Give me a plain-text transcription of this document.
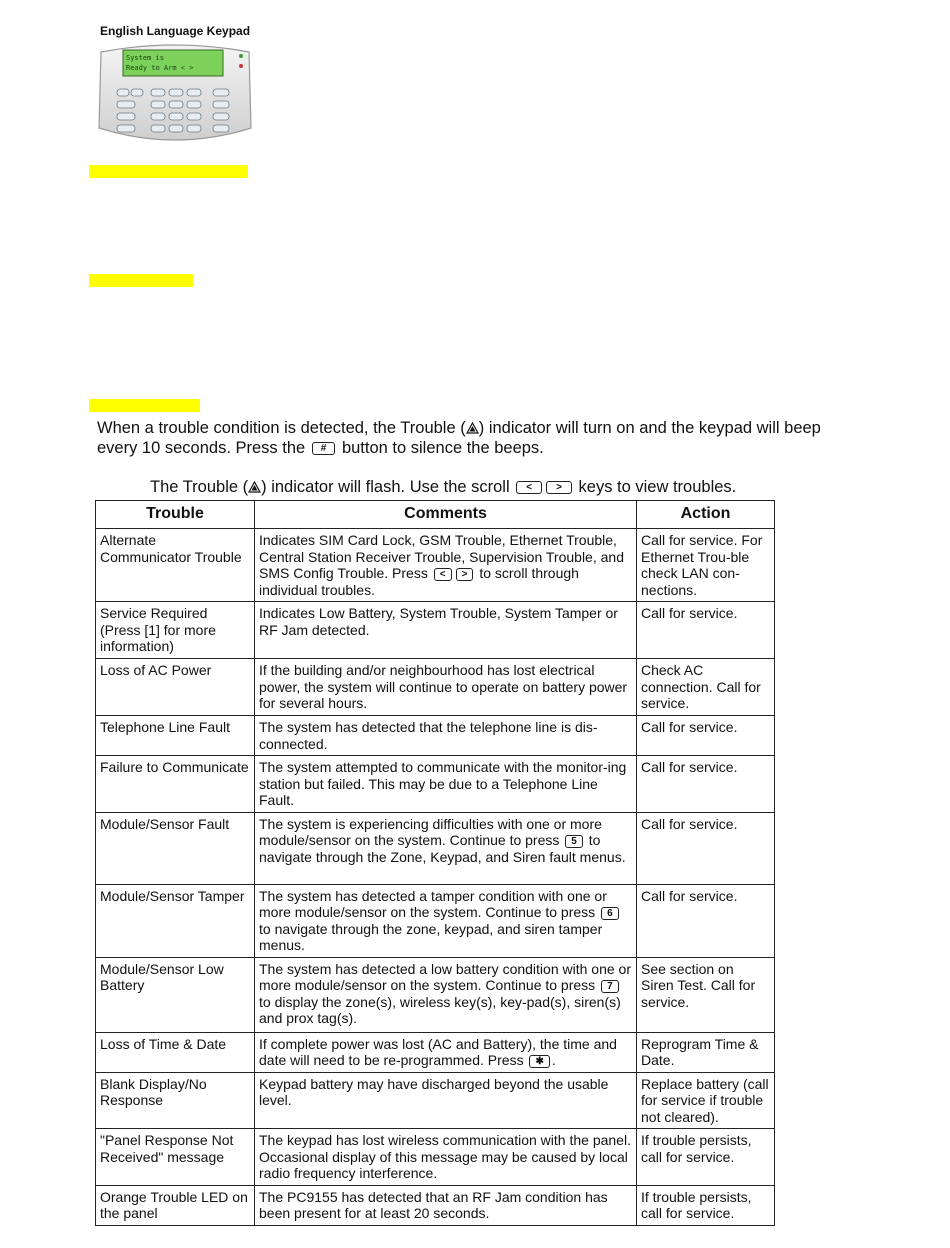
English Language Keypad
System is
Ready to Arm < >
When a trouble condition is detected, the Trouble ( ) indicator will turn on and the keypad will beep every 10 seconds. Press the # button to silence the beeps.
The Trouble ( ) indicator will flash. Use the scroll < > keys to view troubles.
Trouble	Comments	Action
Alternate Communicator Trouble	Indicates SIM Card Lock, GSM Trouble, Ethernet Trouble, Central Station Receiver Trouble, Supervision Trouble, and SMS Config Trouble. Press < > to scroll through individual troubles.	Call for service. For Ethernet Trou-ble check LAN con-nections.
Service Required (Press [1] for more information)	Indicates Low Battery, System Trouble, System Tamper or RF Jam detected.	Call for service.
Loss of AC Power	If the building and/or neighbourhood has lost electrical power, the system will continue to operate on battery power for several hours.	Check AC connection. Call for service.
Telephone Line Fault	The system has detected that the telephone line is dis-connected.	Call for service.
Failure to Communicate	The system attempted to communicate with the monitor-ing station but failed. This may be due to a Telephone Line Fault.	Call for service.
Module/Sensor Fault	The system is experiencing difficulties with one or more module/sensor on the system. Continue to press 5 to navigate through the Zone, Keypad, and Siren fault menus.	Call for service.
Module/Sensor Tamper	The system has detected a tamper condition with one or more module/sensor on the system. Continue to press 6 to navigate through the zone, keypad, and siren tamper menus.	Call for service.
Module/Sensor Low Battery	The system has detected a low battery condition with one or more module/sensor on the system. Continue to press 7 to display the zone(s), wireless key(s), key-pad(s), siren(s) and prox tag(s).	See section on Siren Test. Call for service.
Loss of Time & Date	If complete power was lost (AC and Battery), the time and date will need to be re-programmed. Press ✱ .	Reprogram Time & Date.
Blank Display/No Response	Keypad battery may have discharged beyond the usable level.	Replace battery (call for service if trouble not cleared).
"Panel Response Not Received" message	The keypad has lost wireless communication with the panel. Occasional display of this message may be caused by local radio frequency interference.	If trouble persists, call for service.
Orange Trouble LED on the panel	The PC9155 has detected that an RF Jam condition has been present for at least 20 seconds.	If trouble persists, call for service.
